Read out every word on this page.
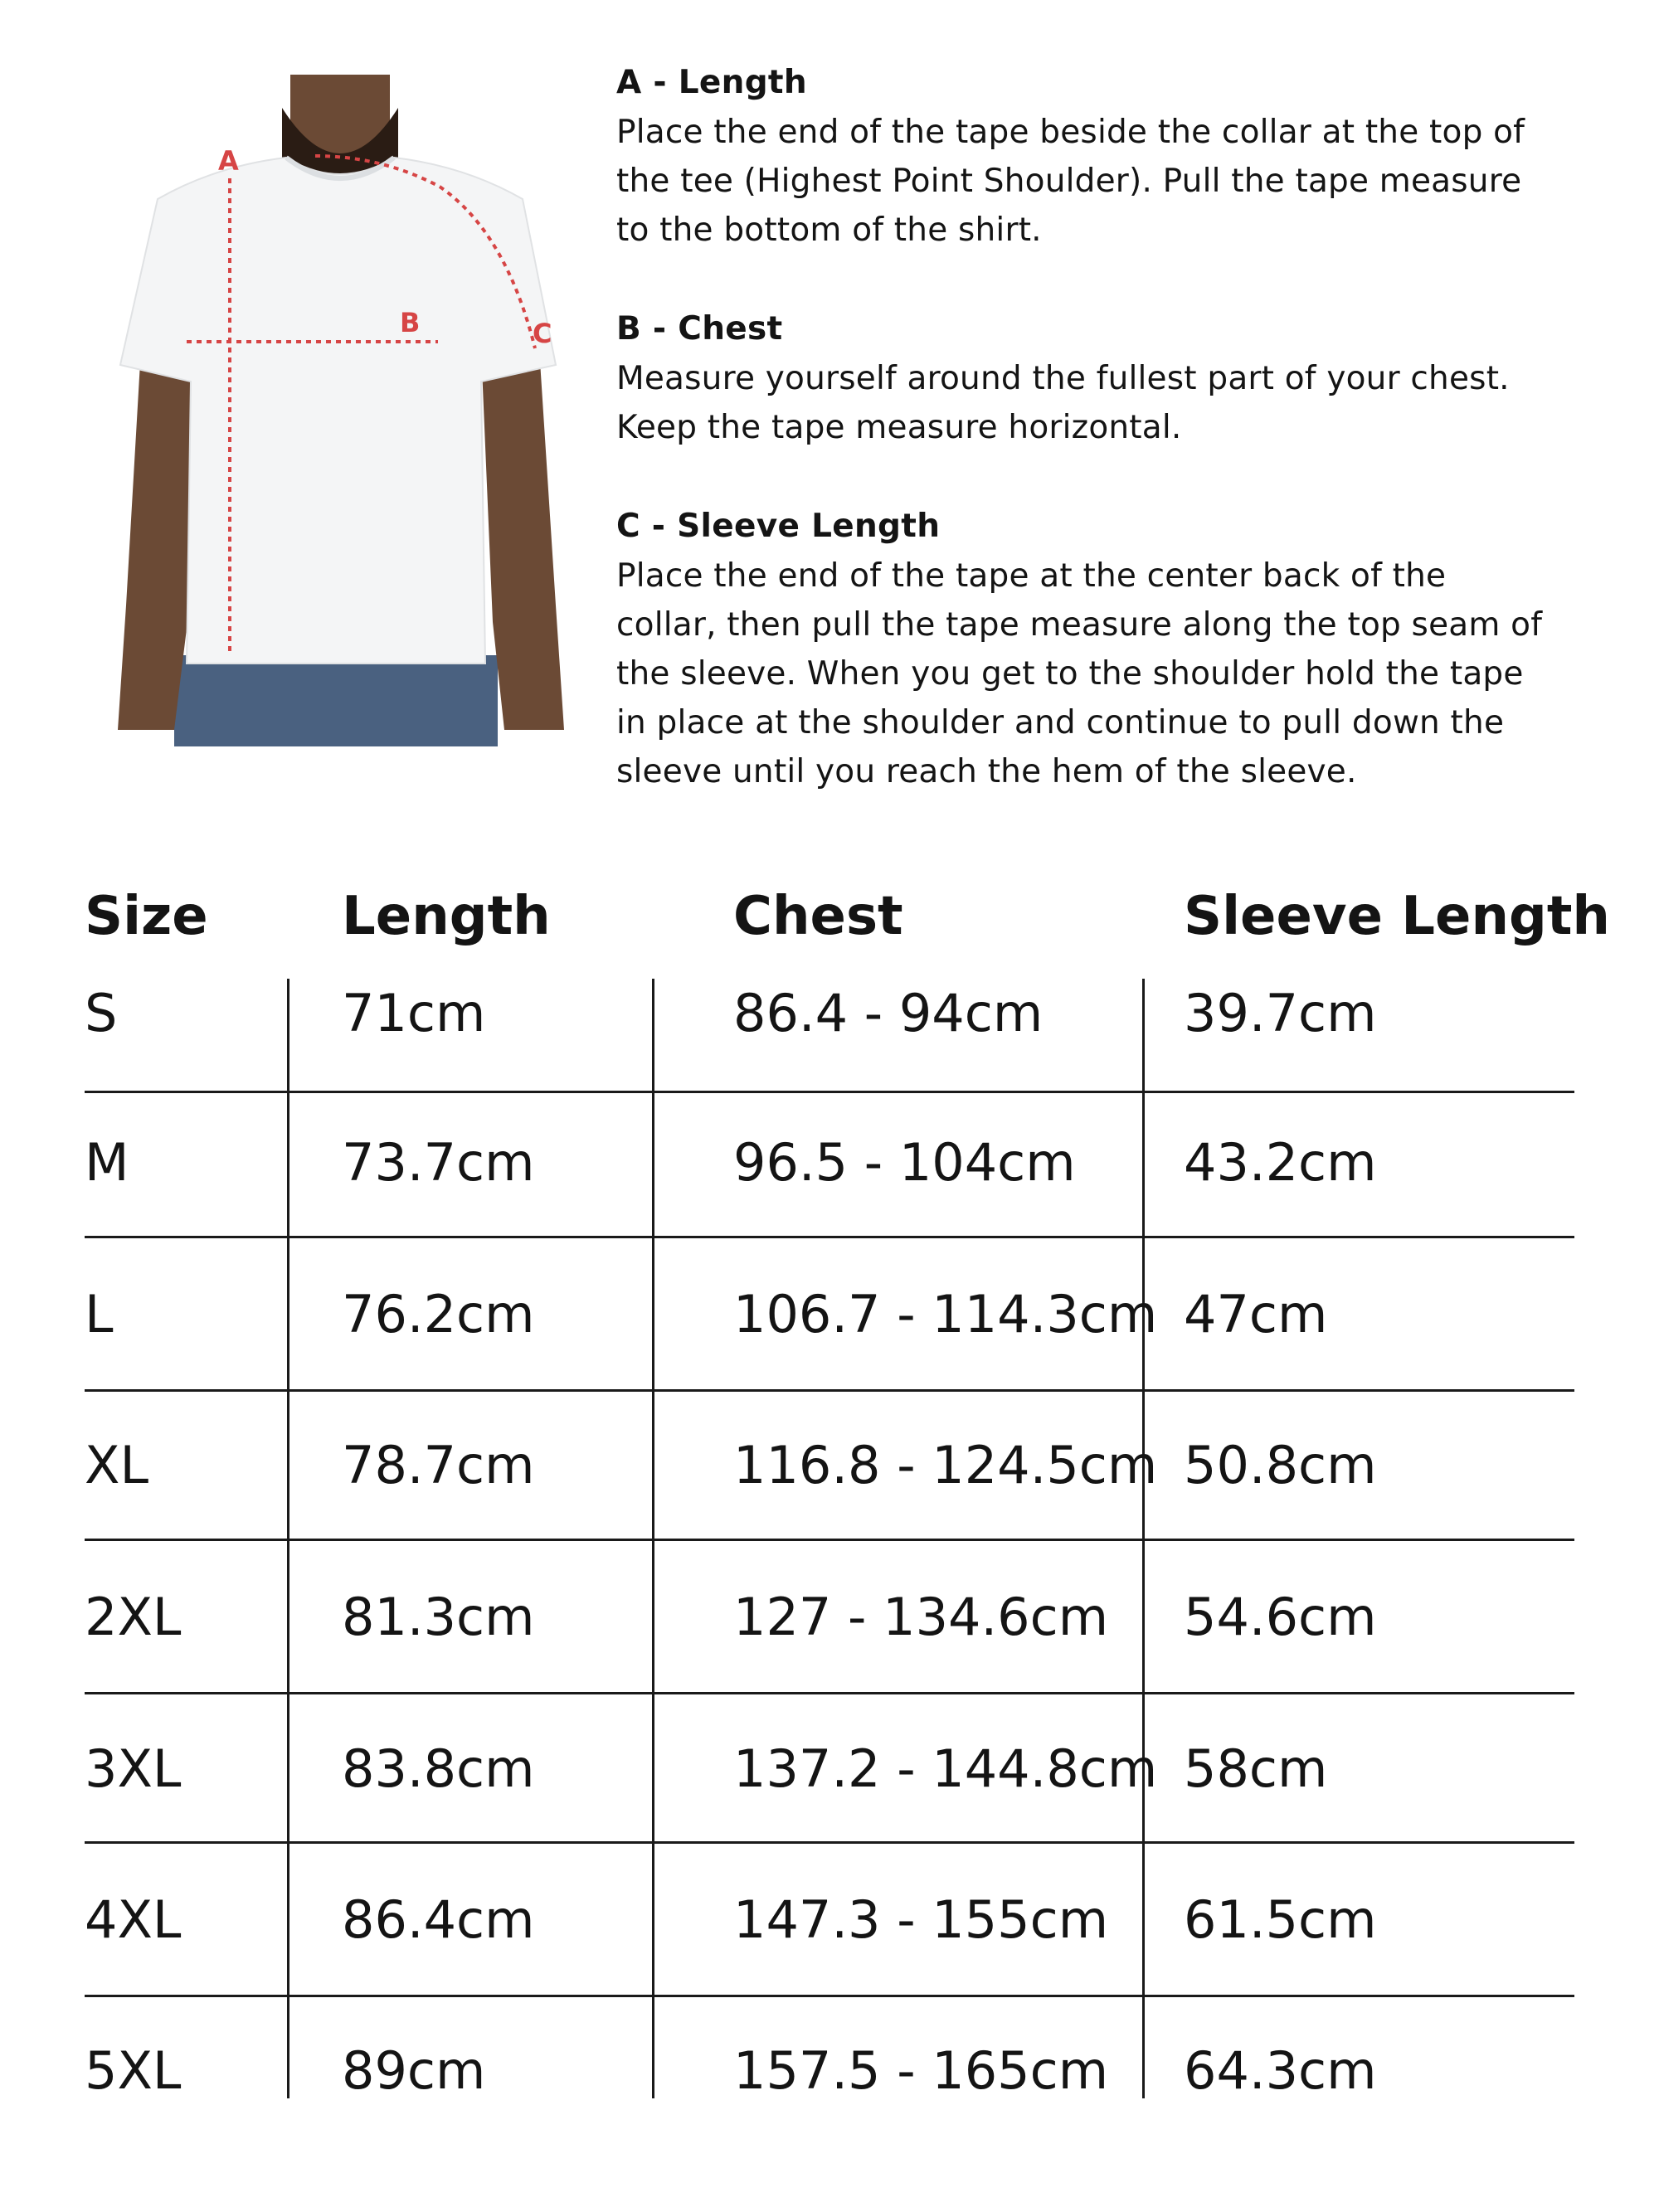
A
B	C
A - Length
Place the end of the tape beside the collar at the top of
the tee (Highest Point Shoulder). Pull the tape measure
to the bottom of the shirt.
B - Chest
Measure yourself around the fullest part of your chest.
Keep the tape measure horizontal.
C - Sleeve Length
Place the end of the tape at the center back of the
collar, then pull the tape measure along the top seam of
the sleeve. When you get to the shoulder hold the tape
in place at the shoulder and continue to pull down the
sleeve until you reach the hem of the sleeve.
Size	Length	Chest	Sleeve Length
S	71cm	86.4 - 94cm	39.7cm
M	73.7cm	96.5 - 104cm 43.2cm
L	76.2cm	106.7 - 114.3cm 47cm
XL	78.7cm	116.8 - 124.5cm 50.8cm
2XL	81.3cm	127 - 134.6cm 54.6cm
3XL	83.8cm	137.2 - 144.8cm 58cm
4XL	86.4cm	147.3 - 155cm 61.5cm
5XL	89cm	157.5 - 165cm 64.3cm
